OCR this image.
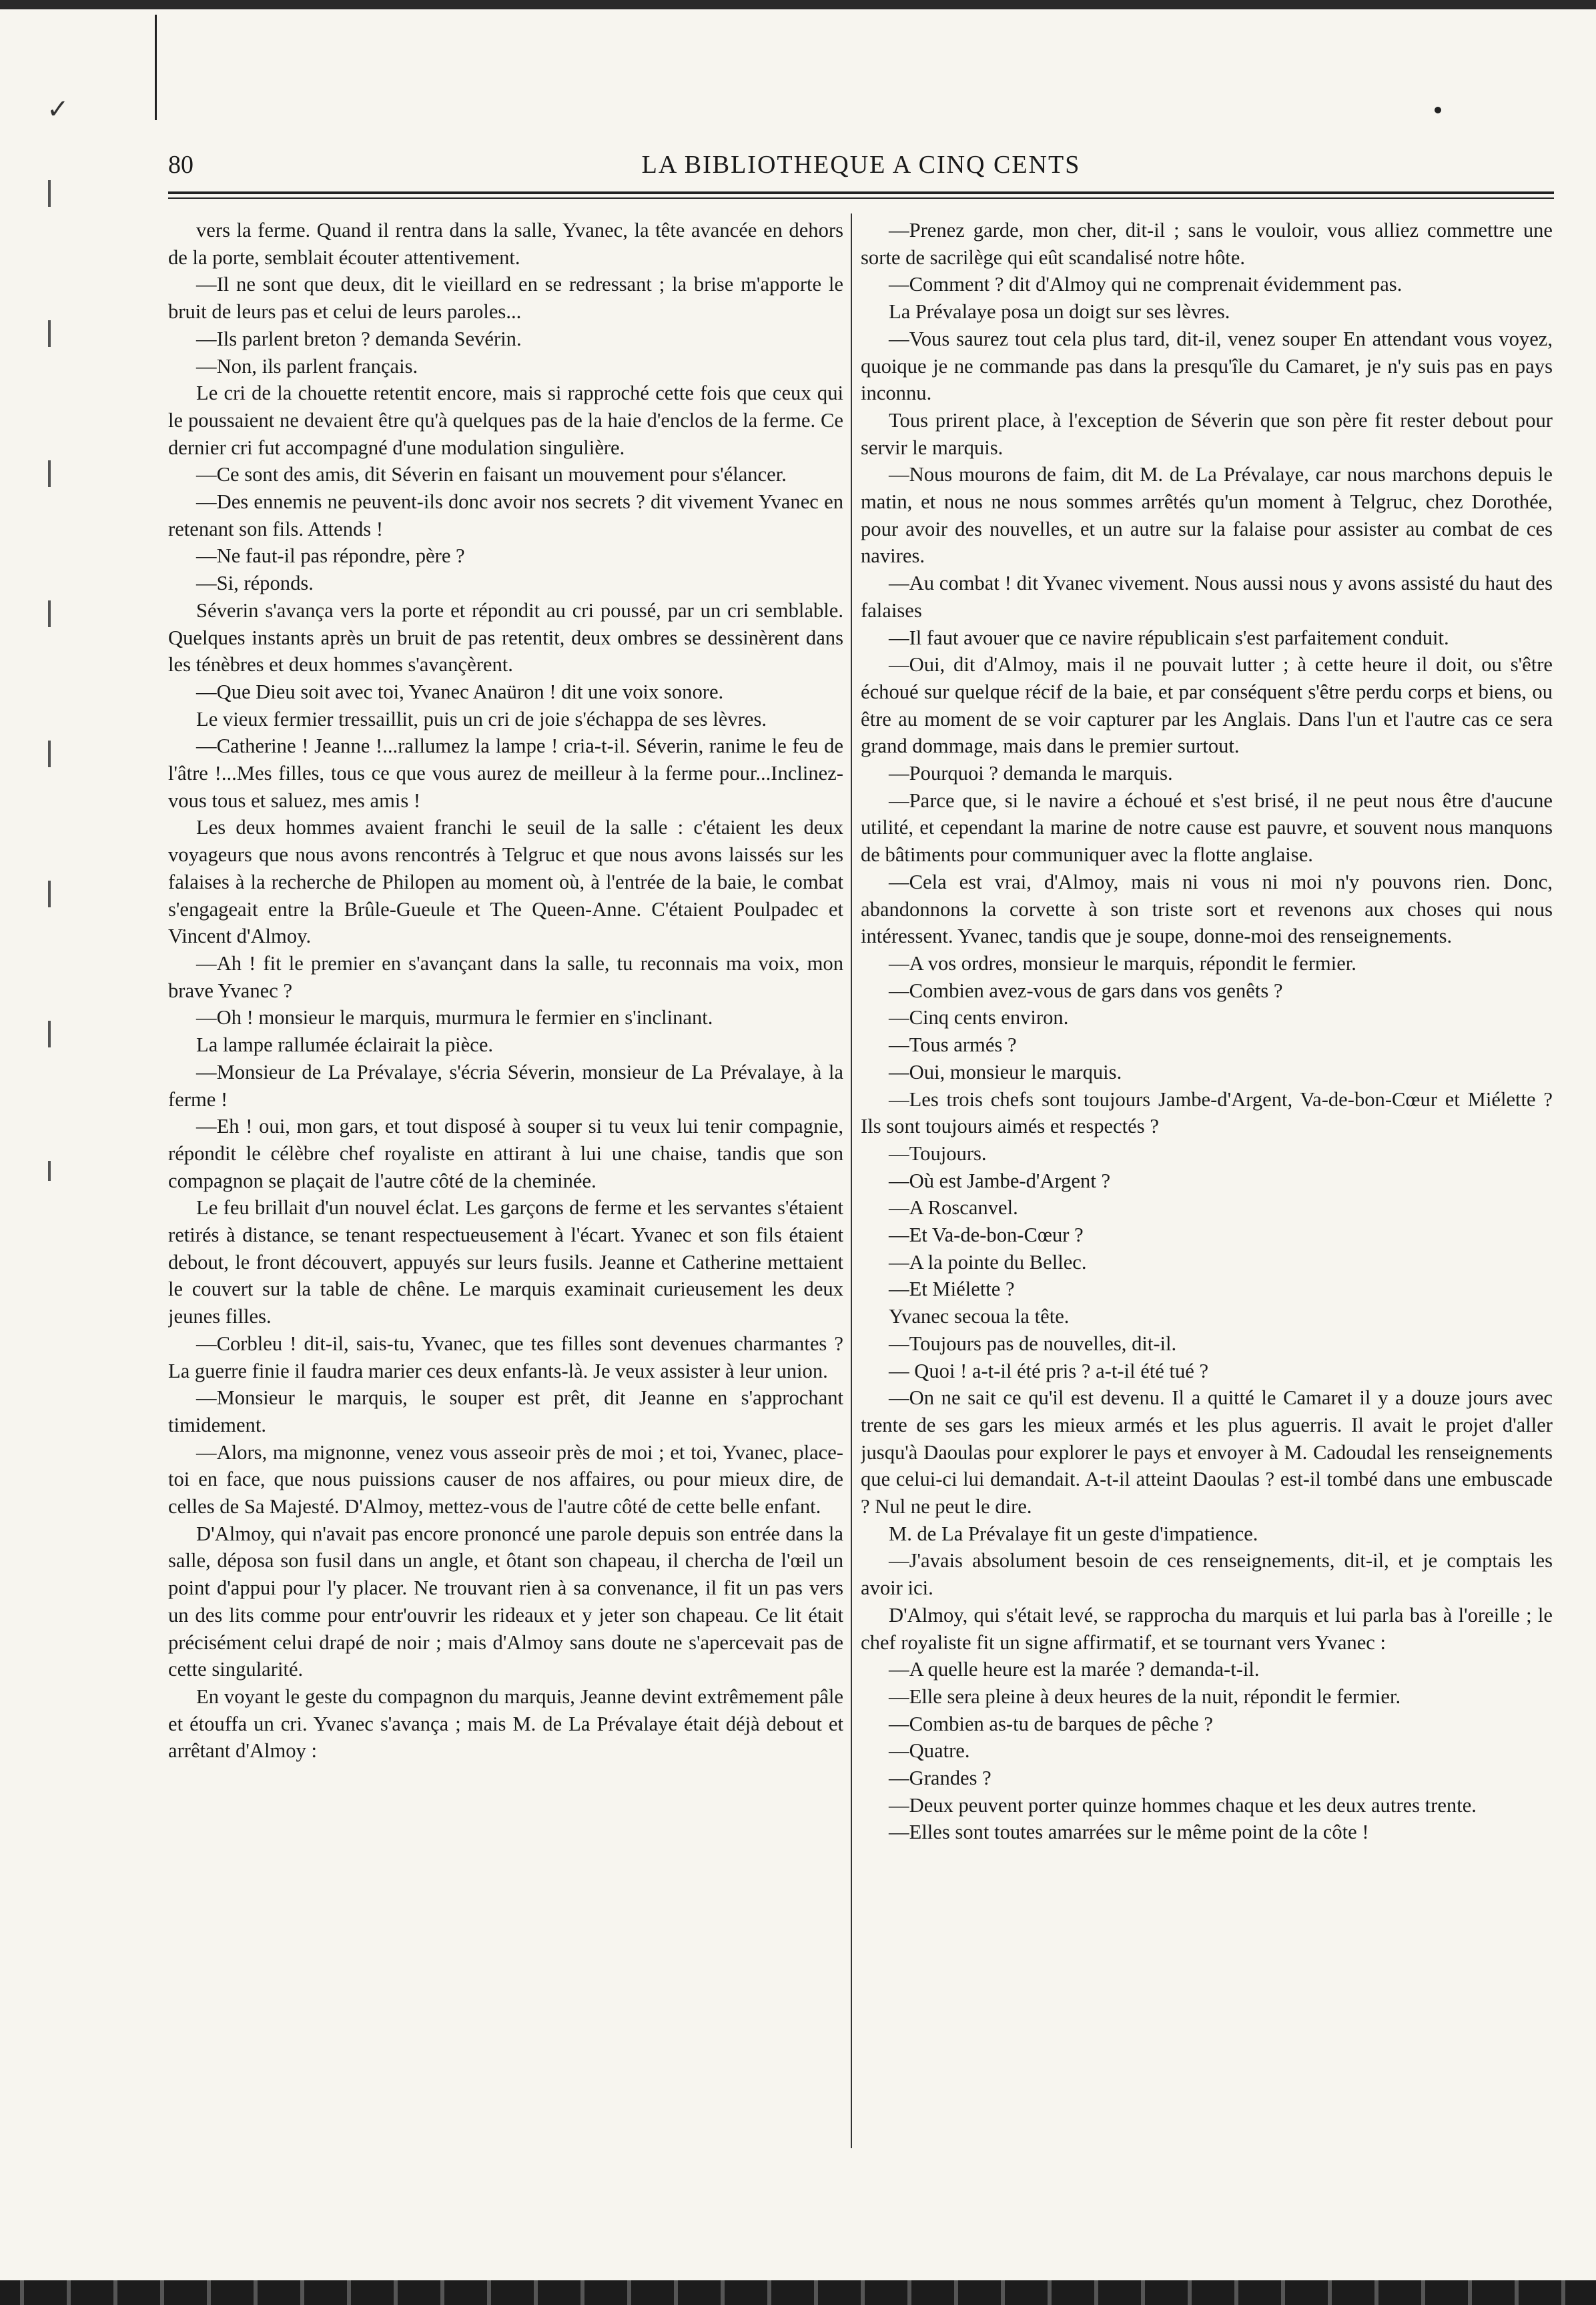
✓
80	LA BIBLIOTHEQUE A CINQ CENTS

vers la ferme. Quand il rentra dans la salle, Yvanec, la tête avancée en dehors de la porte, semblait écouter attentivement.

—Il ne sont que deux, dit le vieillard en se redressant ; la brise m'apporte le bruit de leurs pas et celui de leurs paroles...

—Ils parlent breton ? demanda Sevérin.

—Non, ils parlent français.

Le cri de la chouette retentit encore, mais si rapproché cette fois que ceux qui le poussaient ne devaient être qu'à quelques pas de la haie d'enclos de la ferme. Ce dernier cri fut accompagné d'une modulation singulière.

—Ce sont des amis, dit Séverin en faisant un mouvement pour s'élancer.

—Des ennemis ne peuvent-ils donc avoir nos secrets ? dit vivement Yvanec en retenant son fils. Attends !

—Ne faut-il pas répondre, père ?

—Si, réponds.

Séverin s'avança vers la porte et répondit au cri poussé, par un cri semblable. Quelques instants après un bruit de pas retentit, deux ombres se dessinèrent dans les ténèbres et deux hommes s'avançèrent.

—Que Dieu soit avec toi, Yvanec Anaüron ! dit une voix sonore.

Le vieux fermier tressaillit, puis un cri de joie s'échappa de ses lèvres.

—Catherine ! Jeanne !...rallumez la lampe ! cria-t-il. Séverin, ranime le feu de l'âtre !...Mes filles, tous ce que vous aurez de meilleur à la ferme pour...Inclinez-vous tous et saluez, mes amis !

Les deux hommes avaient franchi le seuil de la salle : c'étaient les deux voyageurs que nous avons rencontrés à Telgruc et que nous avons laissés sur les falaises à la recherche de Philopen au moment où, à l'entrée de la baie, le combat s'engageait entre la Brûle-Gueule et The Queen-Anne. C'étaient Poulpadec et Vincent d'Almoy.

—Ah ! fit le premier en s'avançant dans la salle, tu reconnais ma voix, mon brave Yvanec ?

—Oh ! monsieur le marquis, murmura le fermier en s'inclinant.

La lampe rallumée éclairait la pièce.

—Monsieur de La Prévalaye, s'écria Séverin, monsieur de La Prévalaye, à la ferme !

—Eh ! oui, mon gars, et tout disposé à souper si tu veux lui tenir compagnie, répondit le célèbre chef royaliste en attirant à lui une chaise, tandis que son compagnon se plaçait de l'autre côté de la cheminée.

Le feu brillait d'un nouvel éclat. Les garçons de ferme et les servantes s'étaient retirés à distance, se tenant respectueusement à l'écart. Yvanec et son fils étaient debout, le front découvert, appuyés sur leurs fusils. Jeanne et Catherine mettaient le couvert sur la table de chêne. Le marquis examinait curieusement les deux jeunes filles.

—Corbleu ! dit-il, sais-tu, Yvanec, que tes filles sont devenues charmantes ? La guerre finie il faudra marier ces deux enfants-là. Je veux assister à leur union.

—Monsieur le marquis, le souper est prêt, dit Jeanne en s'approchant timidement.

—Alors, ma mignonne, venez vous asseoir près de moi ; et toi, Yvanec, place-toi en face, que nous puissions causer de nos affaires, ou pour mieux dire, de celles de Sa Majesté. D'Almoy, mettez-vous de l'autre côté de cette belle enfant.

D'Almoy, qui n'avait pas encore prononcé une parole depuis son entrée dans la salle, déposa son fusil dans un angle, et ôtant son chapeau, il chercha de l'œil un point d'appui pour l'y placer. Ne trouvant rien à sa convenance, il fit un pas vers un des lits comme pour entr'ouvrir les rideaux et y jeter son chapeau. Ce lit était précisément celui drapé de noir ; mais d'Almoy sans doute ne s'apercevait pas de cette singularité.

En voyant le geste du compagnon du marquis, Jeanne devint extrêmement pâle et étouffa un cri. Yvanec s'avança ; mais M. de La Prévalaye était déjà debout et arrêtant d'Almoy :

—Prenez garde, mon cher, dit-il ; sans le vouloir, vous alliez commettre une sorte de sacrilège qui eût scandalisé notre hôte.

—Comment ? dit d'Almoy qui ne comprenait évidemment pas.

La Prévalaye posa un doigt sur ses lèvres.

—Vous saurez tout cela plus tard, dit-il, venez souper En attendant vous voyez, quoique je ne commande pas dans la presqu'île du Camaret, je n'y suis pas en pays inconnu.

Tous prirent place, à l'exception de Séverin que son père fit rester debout pour servir le marquis.

—Nous mourons de faim, dit M. de La Prévalaye, car nous marchons depuis le matin, et nous ne nous sommes arrêtés qu'un moment à Telgruc, chez Dorothée, pour avoir des nouvelles, et un autre sur la falaise pour assister au combat de ces navires.

—Au combat ! dit Yvanec vivement. Nous aussi nous y avons assisté du haut des falaises

—Il faut avouer que ce navire républicain s'est parfaitement conduit.

—Oui, dit d'Almoy, mais il ne pouvait lutter ; à cette heure il doit, ou s'être échoué sur quelque récif de la baie, et par conséquent s'être perdu corps et biens, ou être au moment de se voir capturer par les Anglais. Dans l'un et l'autre cas ce sera grand dommage, mais dans le premier surtout.

—Pourquoi ? demanda le marquis.

—Parce que, si le navire a échoué et s'est brisé, il ne peut nous être d'aucune utilité, et cependant la marine de notre cause est pauvre, et souvent nous manquons de bâtiments pour communiquer avec la flotte anglaise.

—Cela est vrai, d'Almoy, mais ni vous ni moi n'y pouvons rien. Donc, abandonnons la corvette à son triste sort et revenons aux choses qui nous intéressent. Yvanec, tandis que je soupe, donne-moi des renseignements.

—A vos ordres, monsieur le marquis, répondit le fermier.

—Combien avez-vous de gars dans vos genêts ?

—Cinq cents environ.

—Tous armés ?

—Oui, monsieur le marquis.

—Les trois chefs sont toujours Jambe-d'Argent, Va-de-bon-Cœur et Miélette ? Ils sont toujours aimés et respectés ?

—Toujours.

—Où est Jambe-d'Argent ?

—A Roscanvel.

—Et Va-de-bon-Cœur ?

—A la pointe du Bellec.

—Et Miélette ?

Yvanec secoua la tête.

—Toujours pas de nouvelles, dit-il.

— Quoi ! a-t-il été pris ? a-t-il été tué ?

—On ne sait ce qu'il est devenu. Il a quitté le Camaret il y a douze jours avec trente de ses gars les mieux armés et les plus aguerris. Il avait le projet d'aller jusqu'à Daoulas pour explorer le pays et envoyer à M. Cadoudal les renseignements que celui-ci lui demandait. A-t-il atteint Daoulas ? est-il tombé dans une embuscade ? Nul ne peut le dire.

M. de La Prévalaye fit un geste d'impatience.

—J'avais absolument besoin de ces renseignements, dit-il, et je comptais les avoir ici.

D'Almoy, qui s'était levé, se rapprocha du marquis et lui parla bas à l'oreille ; le chef royaliste fit un signe affirmatif, et se tournant vers Yvanec :

—A quelle heure est la marée ? demanda-t-il.

—Elle sera pleine à deux heures de la nuit, répondit le fermier.

—Combien as-tu de barques de pêche ?

—Quatre.

—Grandes ?

—Deux peuvent porter quinze hommes chaque et les deux autres trente.

—Elles sont toutes amarrées sur le même point de la côte !
